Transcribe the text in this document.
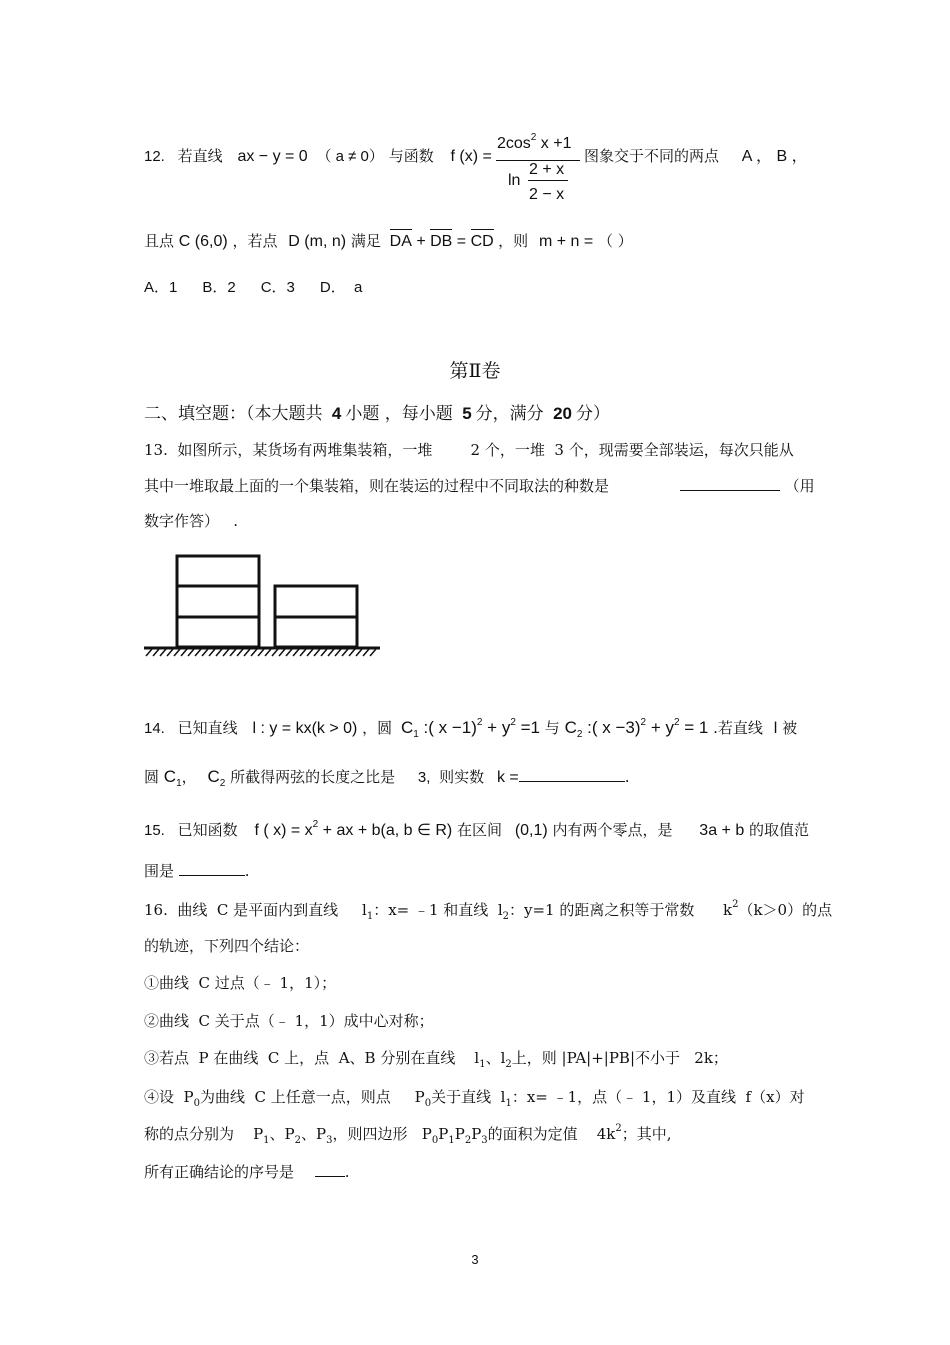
12. 若直线 ax − y = 0 （ a ≠ 0） 与函数 f (x) =
$2\cos^2$ x +1
ln
2 + x
2 − x
图象交于不同的两点 A ， B ，
且点 C (6,0) ，若点 D (m, n) 满足 DA + DB = CD ，则 m + n = （ ）
A．1      B．2      C．3      D．  a
第Ⅱ卷
二、填空题：（本大题共 4 小题 ，每小题 5 分，满分 20 分）
13.  如图所示，某货场有两堆集装箱，一堆        2 个，一堆  3 个，现需要全部装运，每次只能从
其中一堆取最上面的一个集装箱，则在装运的过程中不同取法的种数是	（用
数字作答）   .
14. 已知直线 l : y = kx(k > 0) ，圆 $C_1$ :( $x -1)^2 + y^2 =1$ 与 $C_2$ :( $x -3)^2 + y^2 = 1$ .若直线 l 被
圆 $C_1$， $C_2$ 所截得两弦的长度之比是 3, 则实数 k =	.
15. 已知函数 f ( $x) = x^2$ + ax + b(a, b ∈ R) 在区间 (0,1) 内有两个零点，是 3a + b 的取值范
围是	.
16.  曲线  C 是平面内到直线     $l_1$：x= ﹣1 和直线  $l_2$：y=1 的距离之积等于常数      $k^2(k>0)$的点
的轨迹，下列四个结论：
①曲线  C 过点（﹣ 1，1）；
②曲线  C 关于点（﹣ 1，1）成中心对称；
③若点  P 在曲线  C 上，点  A、B 分别在直线    $l_1$、$l_2$上，则 |PA|+|PB|不小于   2k；
④设  $P_0$为曲线  C 上任意一点，则点     $P_0$关于直线  $l_1$：x= ﹣1，点（﹣ 1，1）及直线  f（x）对
称的点分别为    $P_1$、$P_2$、$P_3$，则四边形   $P_0P_1P_2P_3$的面积为定值    $4k^2$；其中,
所有正确结论的序号是	.
3
